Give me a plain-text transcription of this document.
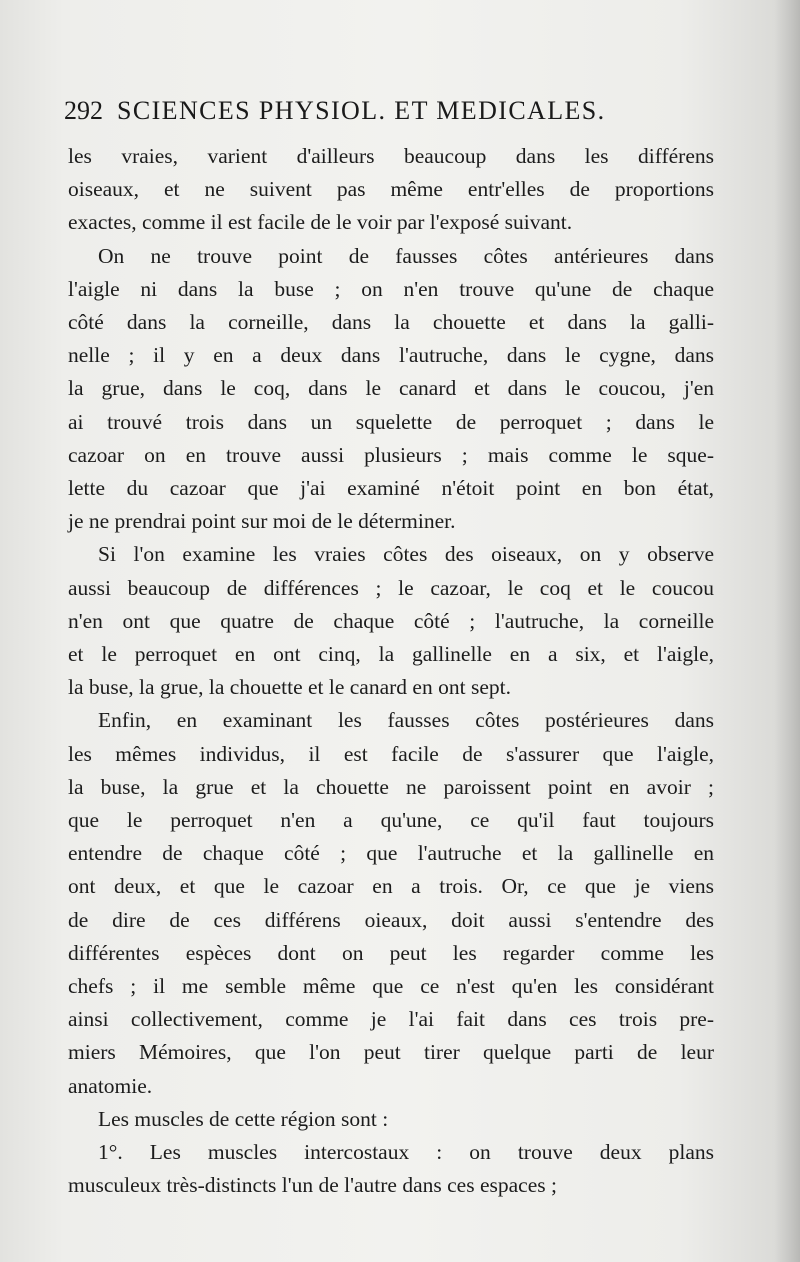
292 SCIENCES PHYSIOL. ET MEDICALES.

les vraies, varient d'ailleurs beaucoup dans les différens
oiseaux, et ne suivent pas même entr'elles de proportions
exactes, comme il est facile de le voir par l'exposé suivant.

On ne trouve point de fausses côtes antérieures dans
l'aigle ni dans la buse ; on n'en trouve qu'une de chaque
côté dans la corneille, dans la chouette et dans la galli-
nelle ; il y en a deux dans l'autruche, dans le cygne, dans
la grue, dans le coq, dans le canard et dans le coucou, j'en
ai trouvé trois dans un squelette de perroquet ; dans le
cazoar on en trouve aussi plusieurs ; mais comme le sque-
lette du cazoar que j'ai examiné n'étoit point en bon état,
je ne prendrai point sur moi de le déterminer.

Si l'on examine les vraies côtes des oiseaux, on y observe
aussi beaucoup de différences ; le cazoar, le coq et le coucou
n'en ont que quatre de chaque côté ; l'autruche, la corneille
et le perroquet en ont cinq, la gallinelle en a six, et l'aigle,
la buse, la grue, la chouette et le canard en ont sept.

Enfin, en examinant les fausses côtes postérieures dans
les mêmes individus, il est facile de s'assurer que l'aigle,
la buse, la grue et la chouette ne paroissent point en avoir ;
que le perroquet n'en a qu'une, ce qu'il faut toujours
entendre de chaque côté ; que l'autruche et la gallinelle en
ont deux, et que le cazoar en a trois. Or, ce que je viens
de dire de ces différens oieaux, doit aussi s'entendre des
différentes espèces dont on peut les regarder comme les
chefs ; il me semble même que ce n'est qu'en les considérant
ainsi collectivement, comme je l'ai fait dans ces trois pre-
miers Mémoires, que l'on peut tirer quelque parti de leur
anatomie.

Les muscles de cette région sont :

1°. Les muscles intercostaux : on trouve deux plans
musculeux très-distincts l'un de l'autre dans ces espaces ;
